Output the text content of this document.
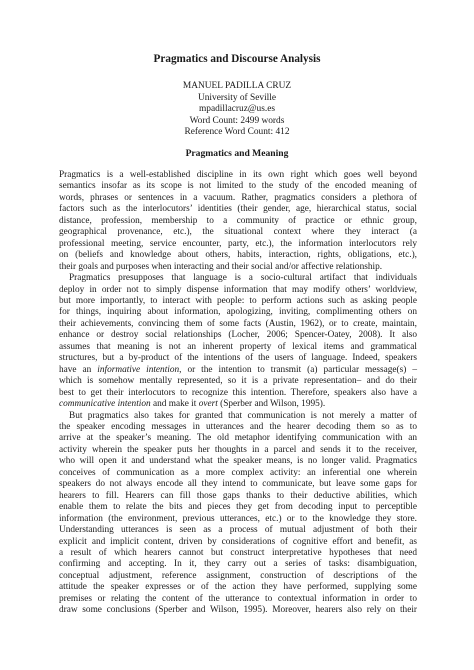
Pragmatics and Discourse Analysis
MANUEL PADILLA CRUZ
University of Seville
mpadillacruz@us.es
Word Count: 2499 words
Reference Word Count: 412
Pragmatics and Meaning
Pragmatics is a well-established discipline in its own right which goes well beyond
semantics insofar as its scope is not limited to the study of the encoded meaning of
words, phrases or sentences in a vacuum. Rather, pragmatics considers a plethora of
factors such as the interlocutors’ identities (their gender, age, hierarchical status, social
distance, profession, membership to a community of practice or ethnic group,
geographical provenance, etc.), the situational context where they interact (a
professional meeting, service encounter, party, etc.), the information interlocutors rely
on (beliefs and knowledge about others, habits, interaction, rights, obligations, etc.),
their goals and purposes when interacting and their social and/or affective relationship.
Pragmatics presupposes that language is a socio-cultural artifact that individuals
deploy in order not to simply dispense information that may modify others’ worldview,
but more importantly, to interact with people: to perform actions such as asking people
for things, inquiring about information, apologizing, inviting, complimenting others on
their achievements, convincing them of some facts (Austin, 1962), or to create, maintain,
enhance or destroy social relationships (Locher, 2006; Spencer-Oatey, 2008). It also
assumes that meaning is not an inherent property of lexical items and grammatical
structures, but a by-product of the intentions of the users of language. Indeed, speakers
have an informative intention, or the intention to transmit (a) particular message(s) –
which is somehow mentally represented, so it is a private representation– and do their
best to get their interlocutors to recognize this intention. Therefore, speakers also have a
communicative intention and make it overt (Sperber and Wilson, 1995).
But pragmatics also takes for granted that communication is not merely a matter of
the speaker encoding messages in utterances and the hearer decoding them so as to
arrive at the speaker’s meaning. The old metaphor identifying communication with an
activity wherein the speaker puts her thoughts in a parcel and sends it to the receiver,
who will open it and understand what the speaker means, is no longer valid. Pragmatics
conceives of communication as a more complex activity: an inferential one wherein
speakers do not always encode all they intend to communicate, but leave some gaps for
hearers to fill. Hearers can fill those gaps thanks to their deductive abilities, which
enable them to relate the bits and pieces they get from decoding input to perceptible
information (the environment, previous utterances, etc.) or to the knowledge they store.
Understanding utterances is seen as a process of mutual adjustment of both their
explicit and implicit content, driven by considerations of cognitive effort and benefit, as
a result of which hearers cannot but construct interpretative hypotheses that need
confirming and accepting. In it, they carry out a series of tasks: disambiguation,
conceptual adjustment, reference assignment, construction of descriptions of the
attitude the speaker expresses or of the action they have performed, supplying some
premises or relating the content of the utterance to contextual information in order to
draw some conclusions (Sperber and Wilson, 1995). Moreover, hearers also rely on their
